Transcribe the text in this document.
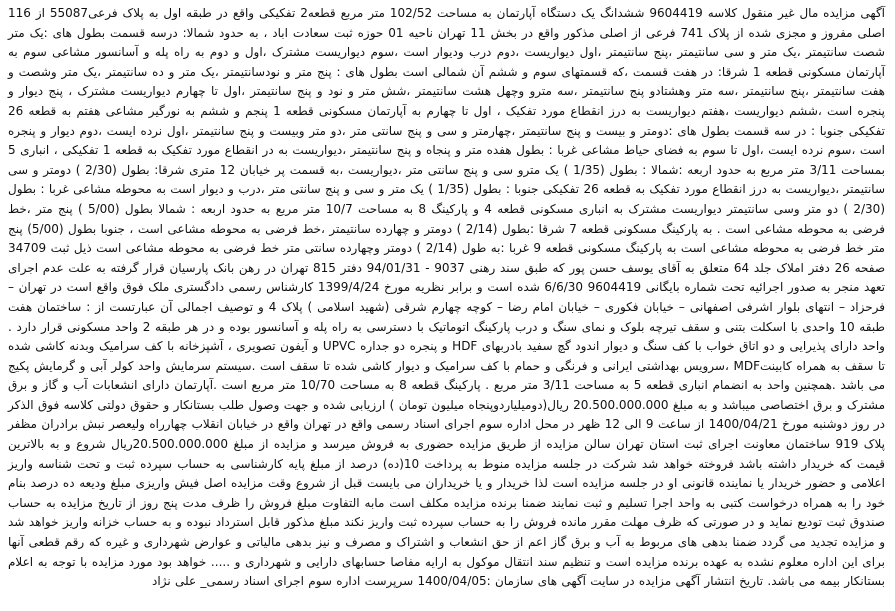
آگهی مزایده مال غیر منقول کلاسه 9604419 ششدانگ یک دستگاه آپارتمان به مساحت 102/52 متر مربع قطعه2 تفکیکی واقع در طبقه اول به پلاک فرعی55087 از 116 اصلی مفروز و مجزی شده از پلاک 741 فرعی از اصلی مذکور واقع در بخش 11 تهران ناحیه 01 حوزه ثبت سعادت اباد ، به حدود شمالا: درسه قسمت بطول های :یک متر شصت سانتیمتر ،یک متر و سی سانتیمتر ،پنج سانتیمتر ،اول دیواریست ،دوم درب ودیوار است ،سوم دیواریست مشترک ،اول و دوم به راه پله و آسانسور مشاعی سوم به آپارتمان مسکونی قطعه 1 شرقا: در هفت قسمت ،که قسمتهای سوم و ششم آن شمالی است بطول های : پنج متر و نودسانتیمتر ،یک متر و ده سانتیمتر ،یک متر وشصت و هفت سانتیمتر ،پنج سانتیمتر ،سه متر وهشتادو پنج سانتیمتر ،سه مترو وچهل هشت سانتیمتر ،شش متر و نود و پنج سانتیمتر ،اول تا چهارم دیواریست مشترک ، پنج دیوار و پنجره است ،ششم دیواریست ،هفتم دیواریست به درز انقطاع مورد تفکیک ، اول تا چهارم به آپارتمان مسکونی قطعه 1 پنجم و ششم به نورگیر مشاعی هفتم به قطعه 26 تفکیکی جنوبا : در سه قسمت بطول های :دومتر و بیست و پنج سانتیمتر ،چهارمتر و سی و پنج سانتی متر ،دو متر وبیست و پنج سانتیمتر ،اول نرده ایست ،دوم دیوار و پنجره است ،سوم نرده ایست ،اول تا سوم به فضای حیاط مشاعی غربا : بطول هفده متر و پنجاه و پنج سانتیمتر ،دیواریست به در انقطاع مورد تفکیک به قطعه 1 تفکیکی ، انباری 5 بمساحت 3/11 متر مربع به حدود اربعه :شمالا : بطول (1/35 ) یک مترو سی و پنج سانتی متر ،دیواریست ،به قسمت پر خیابان 12 متری شرقا: بطول (2/30 ) دومتر و سی سانتیمتر ،دیواریست به درز انقطاع مورد تفکیک به قطعه 26 تفکیکی جنوبا : بطول (1/35 ) یک متر و سی و پنج سانتی متر ،درب و دیوار است به محوطه مشاعی غربا : بطول (2/30 ) دو متر وسی سانتیمتر دیواریست مشترک به انباری مسکونی قطعه 4 و پارکینگ 8 به مساحت 10/7 متر مربع به حدود اربعه : شمالا بطول (5/00 ) پنج متر ،خط فرضی به محوطه مشاعی است . به پارکینگ مسکونی قطعه 7 شرقا :بطول (2/14 ) دومتر و چهارده سانتیمتر ،خط فرضی به محوطه مشاعی است ، جنوبا بطول (5/00) پنج متر خط فرضی به محوطه مشاعی است به پارکینگ مسکونی قطعه 9 غربا :به طول (2/14 ) دومتر وچهارده سانتی متر خط فرضی به محوطه مشاعی است ذیل ثبت 34709 صفحه 26 دفتر املاک جلد 64 متعلق به آقای یوسف حسن پور که طبق سند رهنی 9037 - 94/01/31 دفتر 815 تهران در رهن بانک پارسیان قرار گرفته به علت عدم اجرای تعهد منجر به صدور اجرائیه تحت شماره بایگانی 9604419 6/6/30 شده است و برابر نظریه مورخ 1399/4/24 کارشناس رسمی دادگستری ملک فوق واقع است در تهران – فرحزاد – انتهای بلوار اشرفی اصفهانی – خیابان فکوری – خیابان امام رضا – کوچه چهارم شرقی (شهید اسلامی ) پلاک 4 و توصیف اجمالی آن عبارتست از : ساختمان هفت طبقه 10 واحدی با اسکلت بتنی و سقف تیرچه بلوک و نمای سنگ و درب پارکینگ اتوماتیک با دسترسی به راه پله و آسانسور بوده و در هر طبقه 2 واحد مسکونی قرار دارد . واحد دارای پذیرایی و دو اتاق خواب با کف سنگ و دیوار اندود گچ سفید بادربهای HDF و پنجره دو جداره UPVC و آیفون تصویری ، آشپزخانه با کف سرامیک وبدنه کاشی شده تا سقف به همراه کابینتMDF ،سرویس بهداشتی ایرانی و فرنگی و حمام با کف سرامیک و دیوار کاشی شده تا سقف است .سیستم سرمایش واحد کولر آبی و گرمایش پکیج می باشد .همچنین واحد به انضمام انباری قطعه 5 به مساحت 3/11 متر مربع . پارکینگ قطعه 8 به مساحت 10/70 متر مربع است .آپارتمان دارای انشعابات آب و گاز و برق مشترک و برق اختصاصی میباشد و به مبلغ 20.500.000.000 ریال(دومیلیاردوپنجاه میلیون تومان ) ارزیابی شده و جهت وصول طلب بستانکار و حقوق دولتی کلاسه فوق الذکر در روز دوشنبه مورخ 1400/04/21 از ساعت 9 الی 12 ظهر در محل اداره سوم اجرای اسناد رسمی واقع در تهران واقع در خیابان انقلاب چهارراه ولیعصر نبش برادران مظفر پلاک 919 ساختمان معاونت اجرای ثبت استان تهران سالن مزایده از طریق مزایده حضوری به فروش میرسد و مزایده از مبلغ 20.500.000.000ریال شروع و به بالاترین قیمت که خریدار داشته باشد فروخته خواهد شد شرکت در جلسه مزایده منوط به پرداخت 10(ده) درصد از مبلغ پایه کارشناسی به حساب سپرده ثبت و تحت شناسه واریز اعلامی و حضور خریدار یا نماینده قانونی او در جلسه مزایده است لذا خریدار و یا خریداران می بایست قبل از شروع وقت مزایده اصل فیش واریزی مبلغ ودیعه ده درصد بنام خود را به همراه درخواست کتبی به واحد اجرا تسلیم و ثبت نمایند ضمنا برنده مزایده مکلف است مابه التفاوت مبلغ فروش را ظرف مدت پنج روز از تاریخ مزایده به حساب صندوق ثبت تودیع نماید و در صورتی که ظرف مهلت مقرر مانده فروش را به حساب سپرده ثبت واریز نکند مبلغ مذکور قابل استرداد نبوده و به حساب خزانه واریز خواهد شد و مزایده تجدید می گردد ضمنا بدهی های مربوط به آب و برق گاز اعم از حق انشعاب و اشتراک و مصرف و نیز بدهی مالیاتی و عوارض شهرداری و غیره که رقم قطعی آنها برای این اداره معلوم نشده به عهده برنده مزایده است و تنظیم سند انتقال موکول به ارایه مفاصا حسابهای دارایی و شهرداری و ..... خواهد بود مورد مزایده با توجه به اعلام بستانکار بیمه می باشد. تاریخ انتشار آگهی مزایده در سایت آگهی های سازمان :1400/04/05 سرپرست اداره سوم اجرای اسناد رسمی_ علی نژاد
